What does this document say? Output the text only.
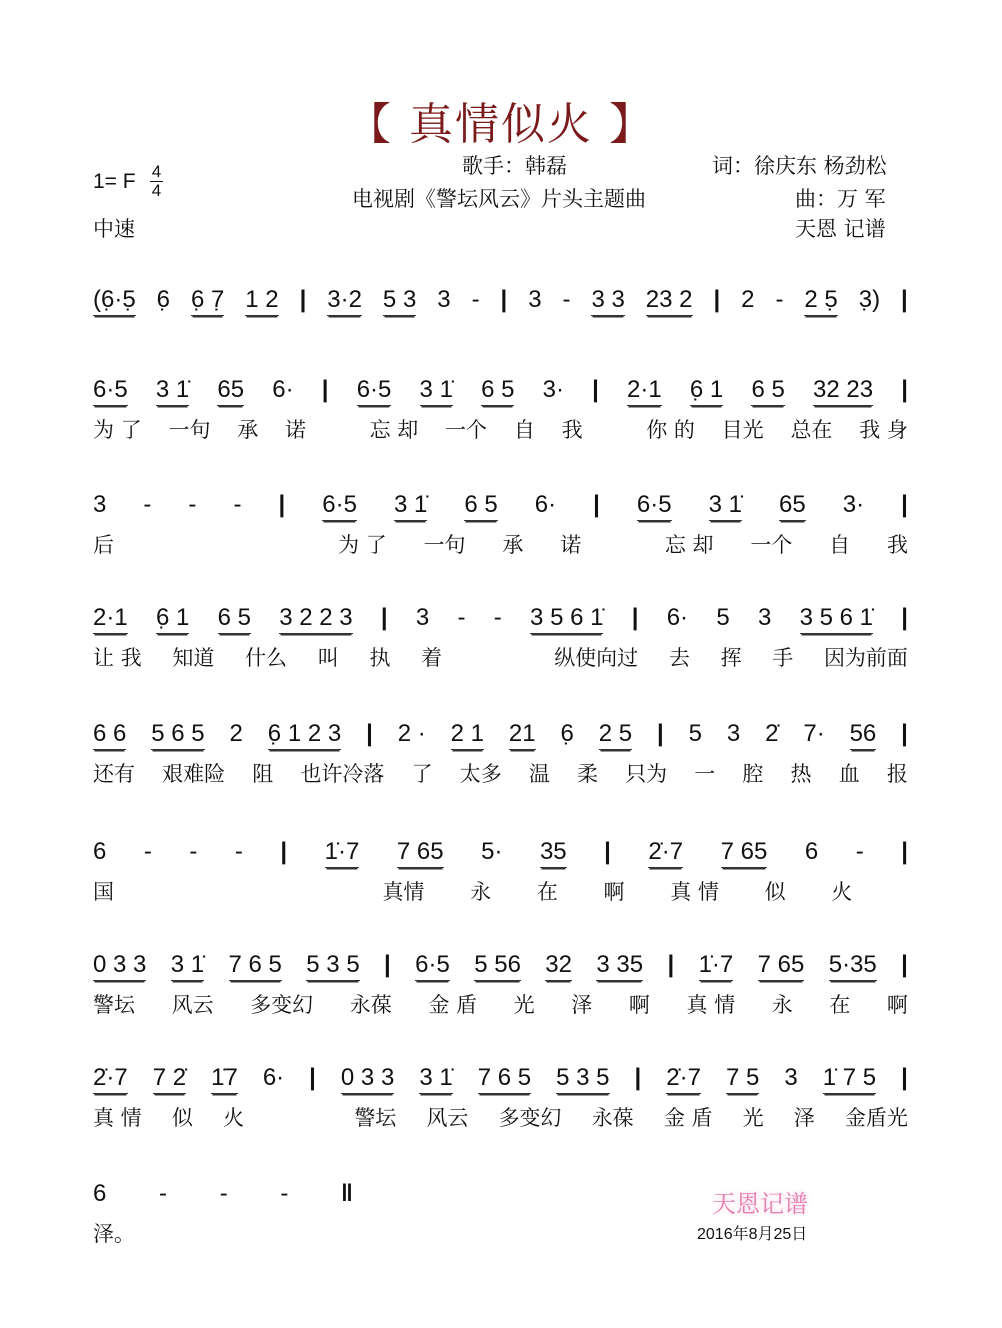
【 真情似火 】
歌手：韩磊
电视剧《警坛风云》片头主题曲
词：徐庆东 杨劲松
曲：万 军
天恩 记谱
1= F 4
4
中速
(6̣·5̣ 6̣ 6̣ 7̣ 1 2 | 3·2 5 3 3 - | 3 - 3 3 23 2 | 2 - 2 5̣ 3̣) |
6·5 3 1̇ 65 6· | 6·5 3 1̇ 6 5 3· | 2·1 6̣ 1 6 5 32 23 |
为 了 一句 承 诺	忘 却 一个 自 我	你 的 目光 总在 我 身
3 - - - | 6·5 3 1̇ 6 5 6· | 6·5 3 1̇ 65 3· |
后	为 了 一句 承 诺	忘 却 一个 自 我
2·1 6̣ 1 6 5 3 2 2 3 | 3 - - 3 5 6 1̇ | 6· 5 3 3 5 6 1̇ |
让 我 知道 什么 叫 执 着	纵使向过 去 挥 手 因为前面
6 6 5 6 5 2 6̣ 1 2 3 | 2 · 2 1 21 6̣ 2 5 | 5 3 2̇ 7· 56 |
还有 艰难险 阻 也许冷落 了 太多 温 柔 只为 一 腔 热 血 报
6 - - - | 1̇·7 7 65 5· 35 | 2̇·7 7 65 6 - |
国	真情 永 在 啊 真 情 似 火
0 3 3 3 1̇ 7 6 5 5 3 5 | 6·5 5 56 32 3 35 | 1̇·7 7 65 5·35 |
警坛 风云 多变幻 永葆 金 盾 光 泽 啊 真 情 永 在 啊
2̇·7 7 2̇ 1̇7 6· | 0 3 3 3 1̇ 7 6 5 5 3 5 | 2̇·7 7 5 3 1̇ 7 5 |
真 情 似 火	警坛 风云 多变幻 永葆 金 盾 光 泽 金盾光
6 - - - ‖
泽。
天恩记谱
2016年8月25日
